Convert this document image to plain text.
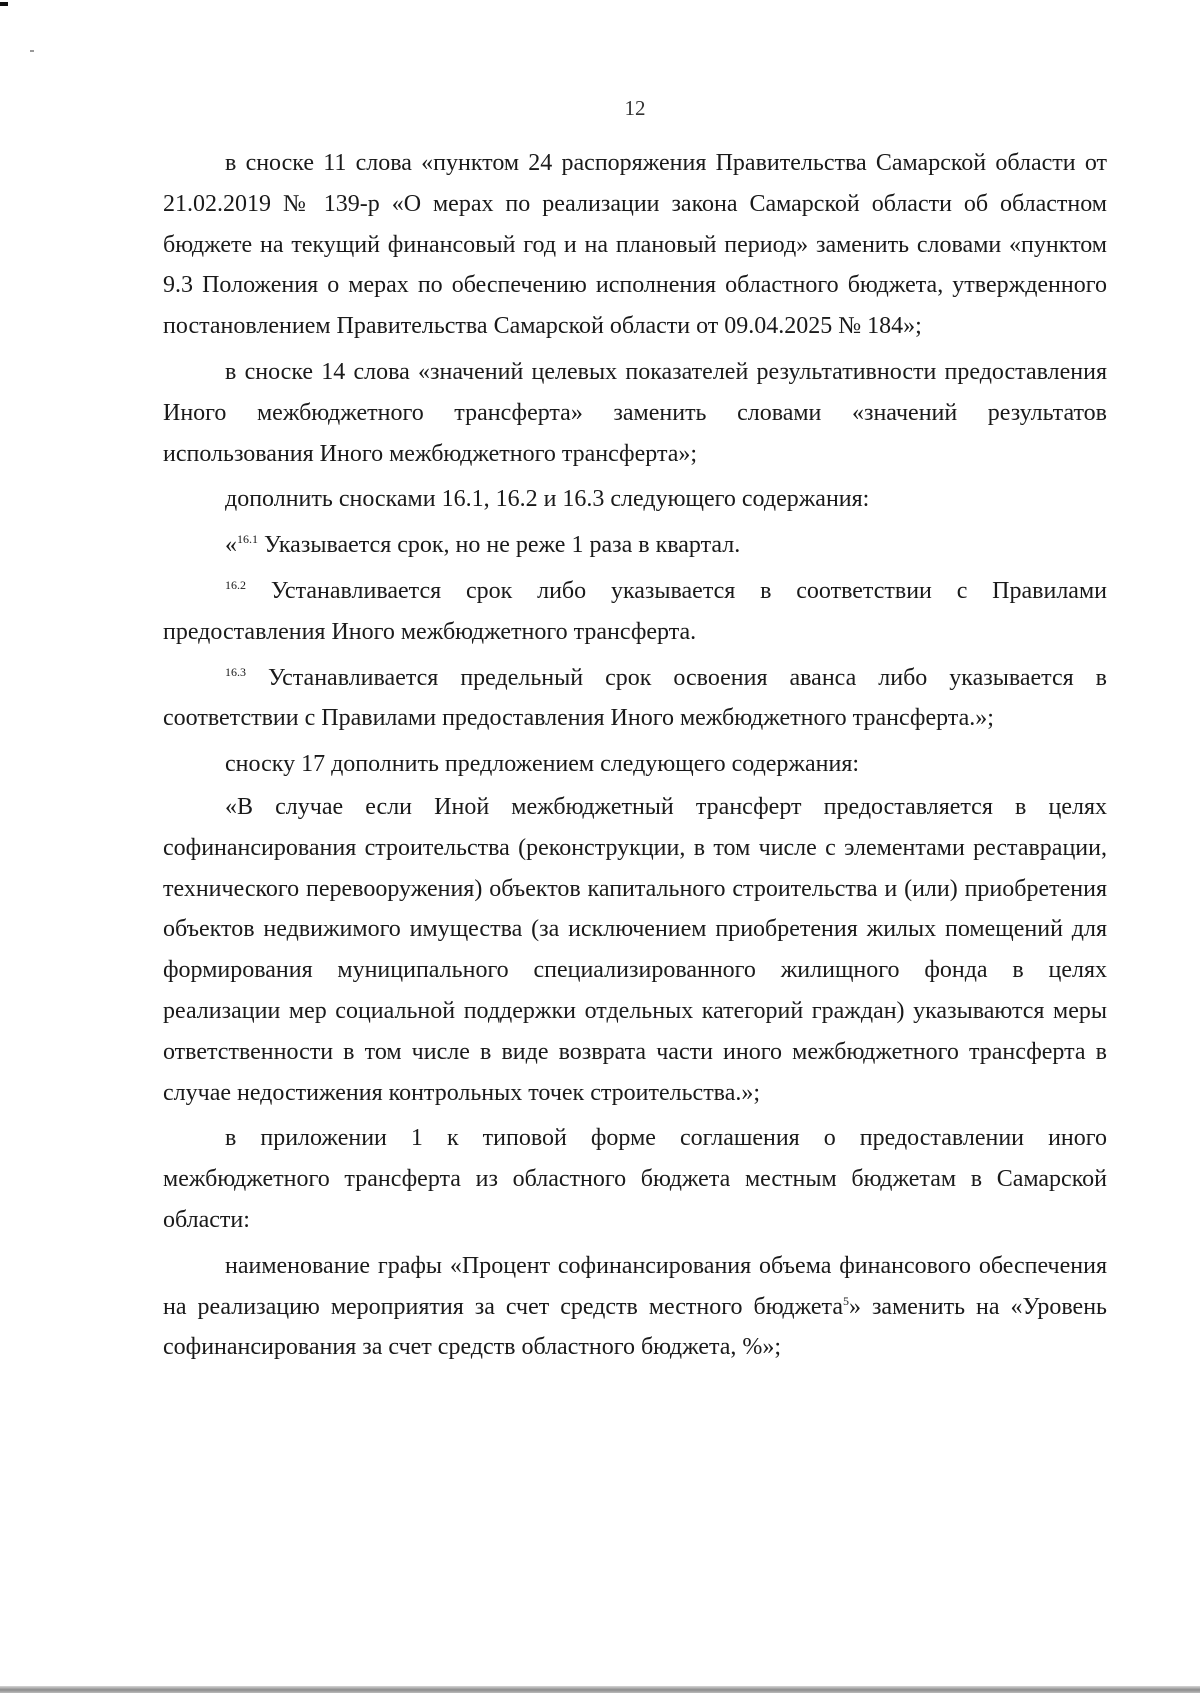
12

в сноске 11 слова «пунктом 24 распоряжения Правительства Самарской области от 21.02.2019 № 139-р «О мерах по реализации закона Самарской области об областном бюджете на текущий финансовый год и на плановый период» заменить словами «пунктом 9.3 Положения о мерах по обеспечению исполнения областного бюджета, утвержденного постановлением Правительства Самарской области от 09.04.2025 № 184»;

в сноске 14 слова «значений целевых показателей результативности предоставления Иного межбюджетного трансферта» заменить словами «значений результатов использования Иного межбюджетного трансферта»;

дополнить сносками 16.1, 16.2 и 16.3 следующего содержания:

«$^{16.1}$ Указывается срок, но не реже 1 раза в квартал.

$^{16.2}$ Устанавливается срок либо указывается в соответствии с Правилами предоставления Иного межбюджетного трансферта.

$^{16.3}$ Устанавливается предельный срок освоения аванса либо указывается в соответствии с Правилами предоставления Иного межбюджетного трансферта.»;

сноску 17 дополнить предложением следующего содержания:

«В случае если Иной межбюджетный трансферт предоставляется в целях софинансирования строительства (реконструкции, в том числе с элементами реставрации, технического перевооружения) объектов капитального строительства и (или) приобретения объектов недвижимого имущества (за исключением приобретения жилых помещений для формирования муниципального специализированного жилищного фонда в целях реализации мер социальной поддержки отдельных категорий граждан) указываются меры ответственности в том числе в виде возврата части иного межбюджетного трансферта в случае недостижения контрольных точек строительства.»;

в приложении 1 к типовой форме соглашения о предоставлении иного межбюджетного трансферта из областного бюджета местным бюджетам в Самарской области:

наименование графы «Процент софинансирования объема финансового обеспечения на реализацию мероприятия за счет средств местного бюджета$^5$» заменить на «Уровень софинансирования за счет средств областного бюджета, %»;
